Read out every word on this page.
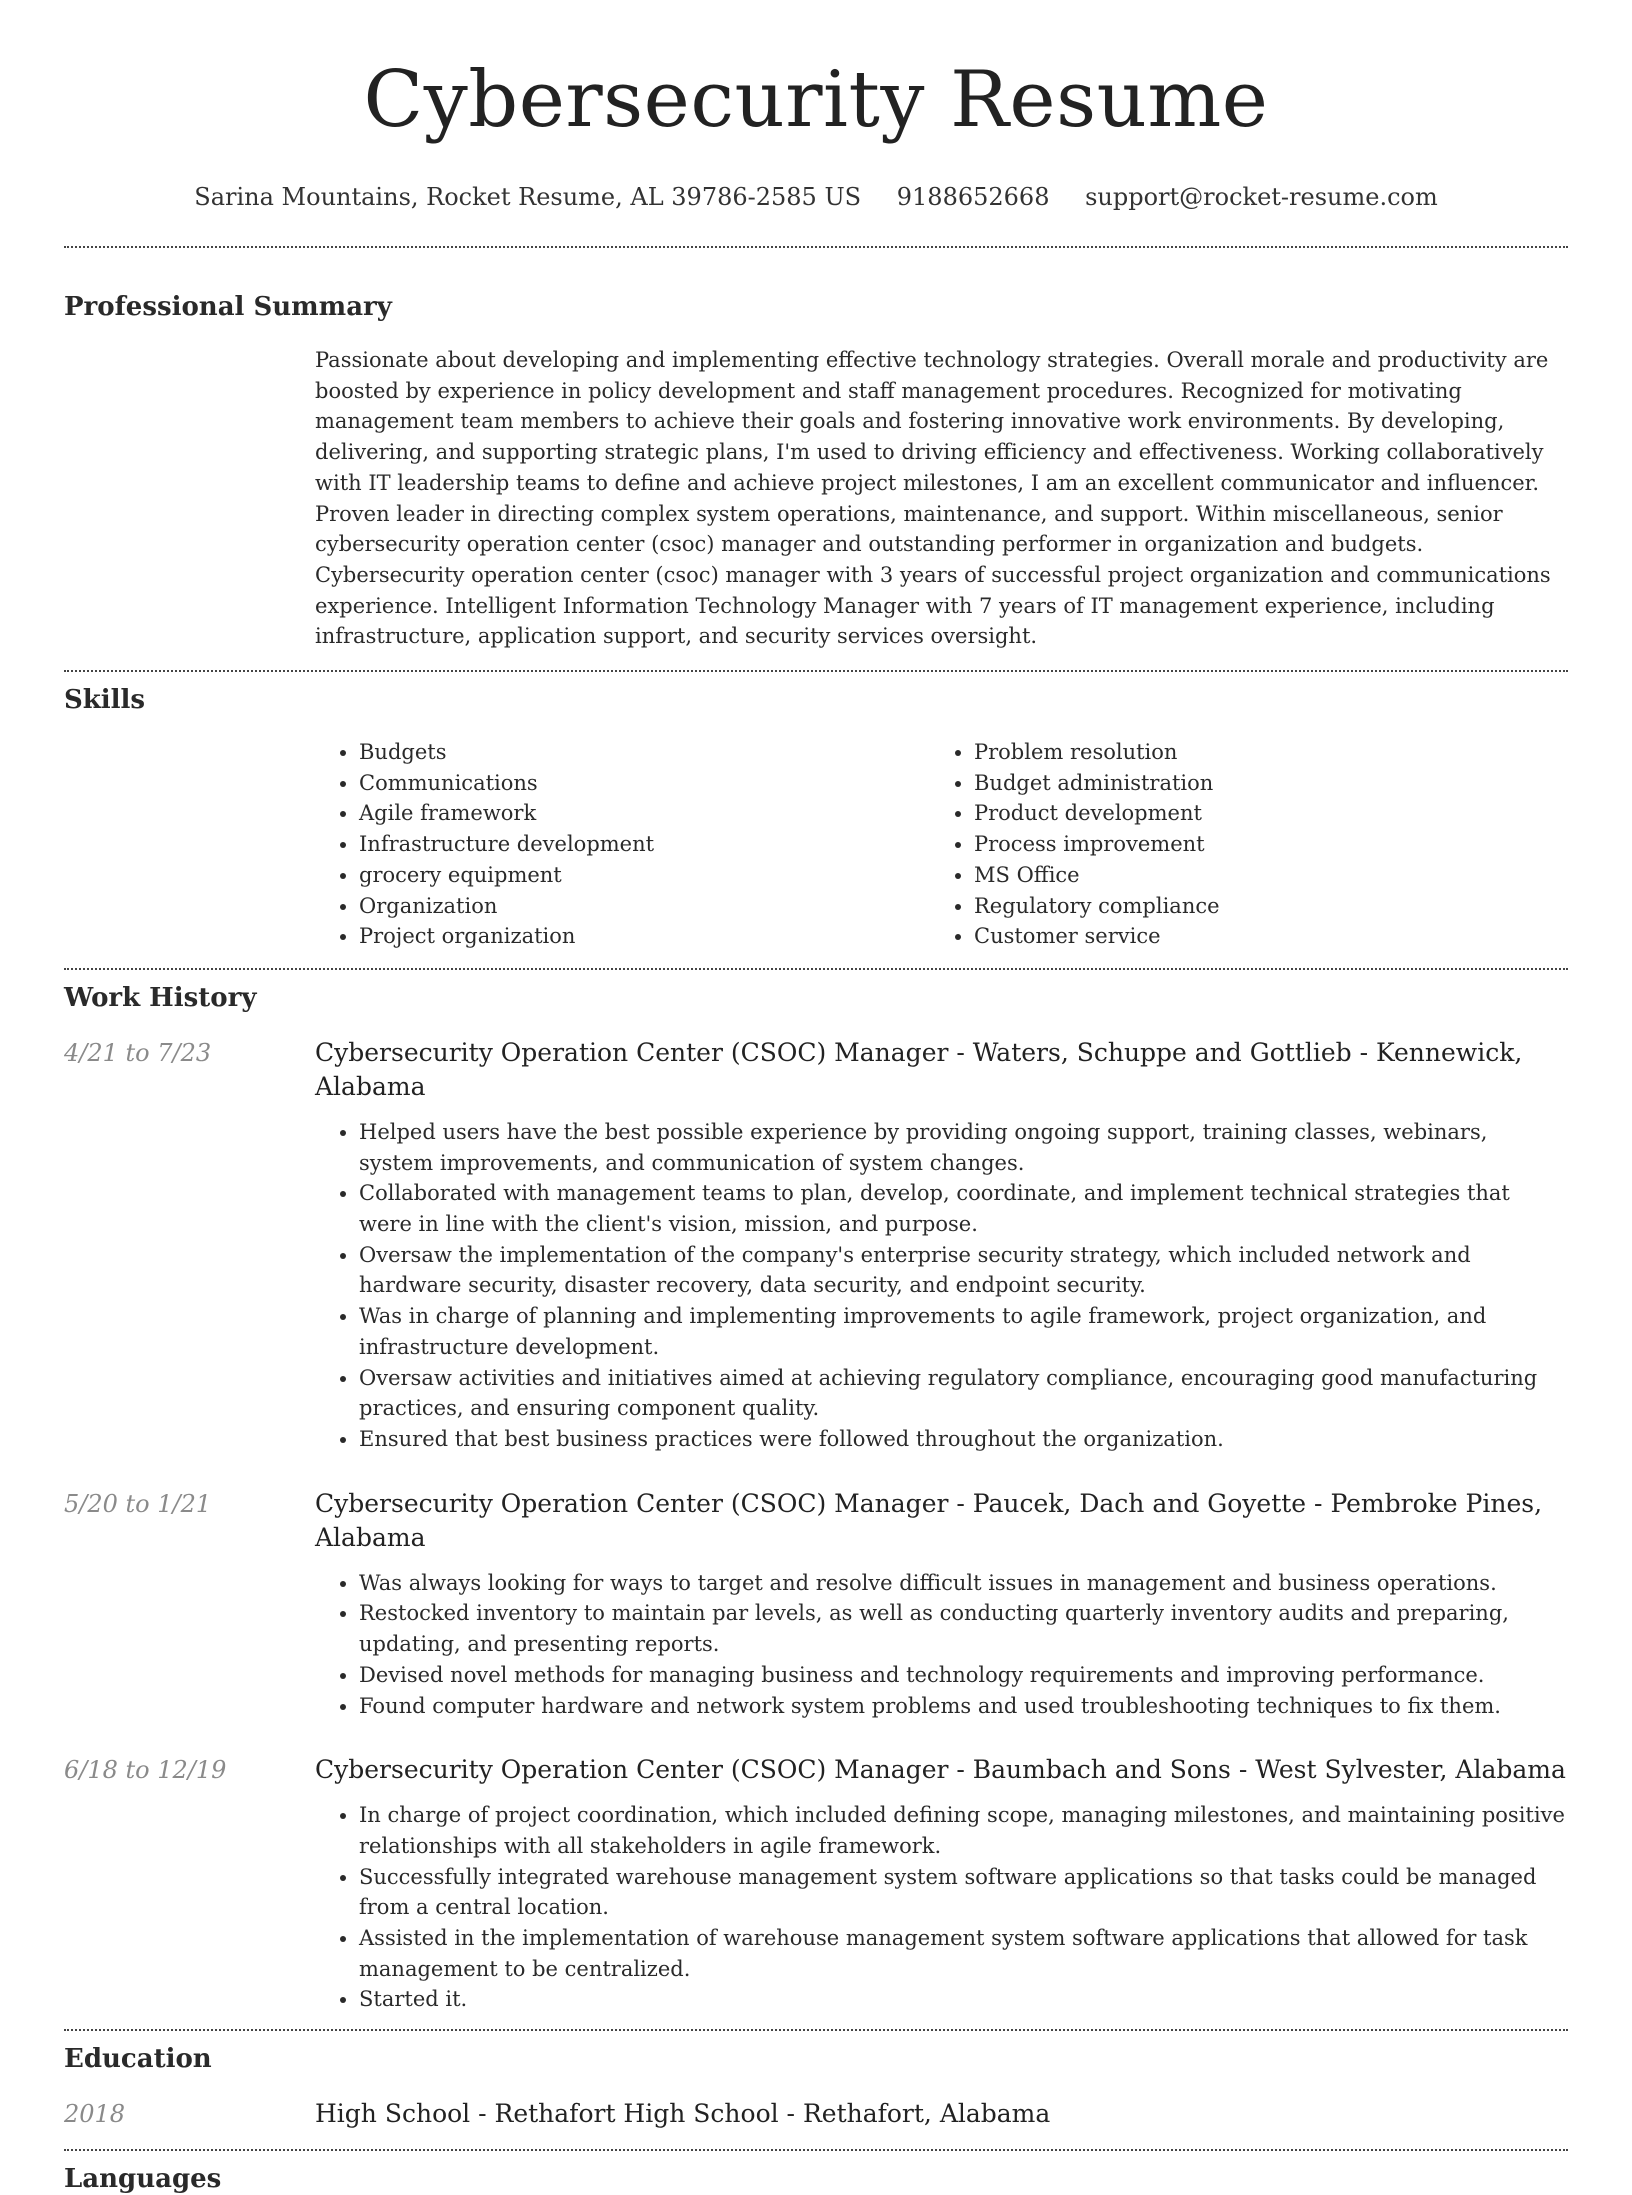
Cybersecurity Resume
Sarina Mountains, Rocket Resume, AL 39786-2585 US 9188652668 support@rocket-resume.com
Professional Summary

Passionate about developing and implementing effective technology strategies. Overall morale and productivity are boosted by experience in policy development and staff management procedures. Recognized for motivating management team members to achieve their goals and fostering innovative work environments. By developing, delivering, and supporting strategic plans, I'm used to driving efficiency and effectiveness. Working collaboratively with IT leadership teams to define and achieve project milestones, I am an excellent communicator and influencer. Proven leader in directing complex system operations, maintenance, and support. Within miscellaneous, senior cybersecurity operation center (csoc) manager and outstanding performer in organization and budgets. Cybersecurity operation center (csoc) manager with 3 years of successful project organization and communications experience. Intelligent Information Technology Manager with 7 years of IT management experience, including infrastructure, application support, and security services oversight.

Skills
• Budgets
• Communications
• Agile framework
• Infrastructure development
• grocery equipment
• Organization
• Project organization
• Problem resolution
• Budget administration
• Product development
• Process improvement
• MS Office
• Regulatory compliance
• Customer service
Work History
4/21 to 7/23	Cybersecurity Operation Center (CSOC) Manager - Waters, Schuppe and Gottlieb - Kennewick, Alabama
• Helped users have the best possible experience by providing ongoing support, training classes, webinars, system improvements, and communication of system changes.
• Collaborated with management teams to plan, develop, coordinate, and implement technical strategies that were in line with the client's vision, mission, and purpose.
• Oversaw the implementation of the company's enterprise security strategy, which included network and hardware security, disaster recovery, data security, and endpoint security.
• Was in charge of planning and implementing improvements to agile framework, project organization, and infrastructure development.
• Oversaw activities and initiatives aimed at achieving regulatory compliance, encouraging good manufacturing practices, and ensuring component quality.
• Ensured that best business practices were followed throughout the organization.
5/20 to 1/21	Cybersecurity Operation Center (CSOC) Manager - Paucek, Dach and Goyette - Pembroke Pines, Alabama
• Was always looking for ways to target and resolve difficult issues in management and business operations.
• Restocked inventory to maintain par levels, as well as conducting quarterly inventory audits and preparing, updating, and presenting reports.
• Devised novel methods for managing business and technology requirements and improving performance.
• Found computer hardware and network system problems and used troubleshooting techniques to fix them.
6/18 to 12/19	Cybersecurity Operation Center (CSOC) Manager - Baumbach and Sons - West Sylvester, Alabama
• In charge of project coordination, which included defining scope, managing milestones, and maintaining positive relationships with all stakeholders in agile framework.
• Successfully integrated warehouse management system software applications so that tasks could be managed from a central location.
• Assisted in the implementation of warehouse management system software applications that allowed for task management to be centralized.
• Started it.
Education
2018	High School - Rethafort High School - Rethafort, Alabama
Languages
